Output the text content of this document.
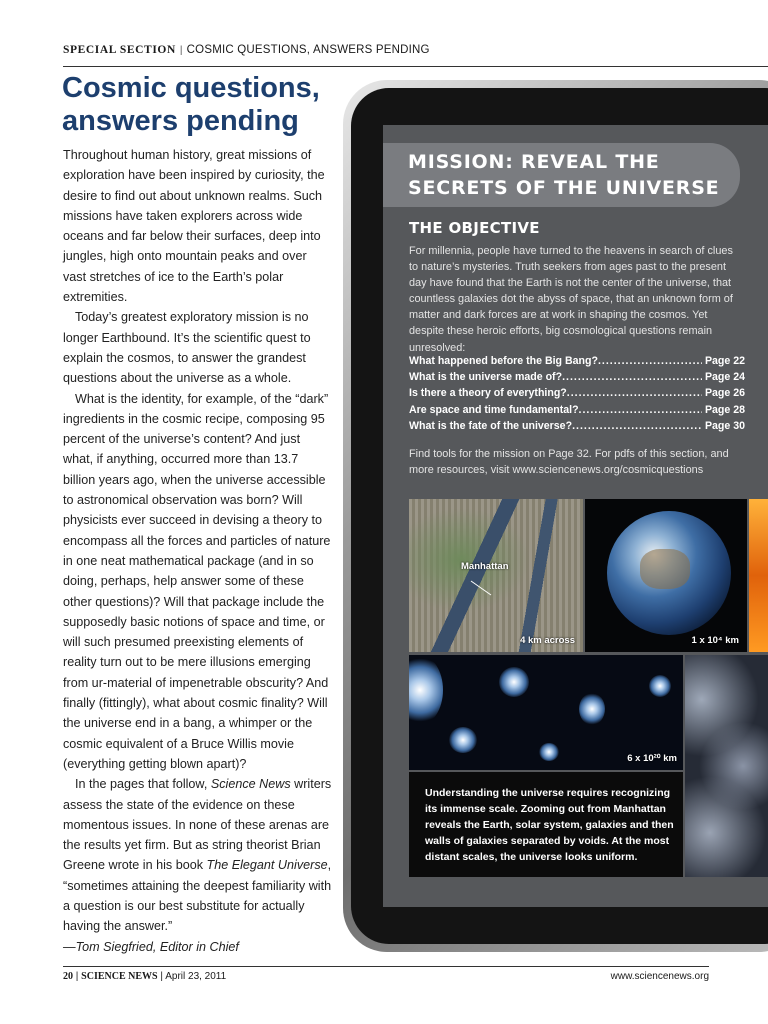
SPECIAL SECTION | COSMIC QUESTIONS, ANSWERS PENDING
Cosmic questions, answers pending

Throughout human history, great missions of exploration have been inspired by curiosity, the desire to find out about unknown realms. Such missions have taken explorers across wide oceans and far below their surfaces, deep into jungles, high onto mountain peaks and over vast stretches of ice to the Earth’s polar extremities.

Today’s greatest exploratory mission is no longer Earthbound. It’s the scientific quest to explain the cosmos, to answer the grandest questions about the universe as a whole.

What is the identity, for example, of the “dark” ingredients in the cosmic recipe, composing 95 percent of the universe’s content? And just what, if anything, occurred more than 13.7 billion years ago, when the universe accessible to astronomical observation was born? Will physicists ever succeed in devising a theory to encompass all the forces and particles of nature in one neat mathematical package (and in so doing, perhaps, help answer some of these other questions)? Will that package include the supposedly basic notions of space and time, or will such presumed preexisting elements of reality turn out to be mere illusions emerging from ur-material of impenetrable obscurity? And finally (fittingly), what about cosmic finality? Will the universe end in a bang, a whimper or the cosmic equivalent of a Bruce Willis movie (everything getting blown apart)?

In the pages that follow, Science News writers assess the state of the evidence on these momentous issues. In none of these arenas are the results yet firm. But as string theorist Brian Greene wrote in his book The Elegant Universe, “sometimes attaining the deepest familiarity with a question is our best substitute for actually having the answer.”

—Tom Siegfried, Editor in Chief

20 | SCIENCE NEWS | April 23, 2011	www.sciencenews.org
MISSION: REVEAL THE
SECRETS OF THE UNIVERSE
THE OBJECTIVE

For millennia, people have turned to the heavens in search of clues to nature’s mysteries. Truth seekers from ages past to the present day have found that the Earth is not the center of the universe, that countless galaxies dot the abyss of space, that an unknown form of matter and dark forces are at work in shaping the cosmos. Yet despite these heroic efforts, big cosmological questions remain unresolved:

What happened before the Big Bang? .....	Page 22
What is the universe made of? .....	Page 24
Is there a theory of everything? .....	Page 26
Are space and time fundamental? .....	Page 28
What is the fate of the universe? .....	Page 30

Find tools for the mission on Page 32. For pdfs of this section, and more resources, visit www.sciencenews.org/cosmicquestions

Manhattan
4 km across	1 x 10⁴ km
6 x 10²⁰ km

Understanding the universe requires recognizing its immense scale. Zooming out from Manhattan reveals the Earth, solar system, galaxies and then walls of galaxies separated by voids. At the most distant scales, the universe looks uniform.
